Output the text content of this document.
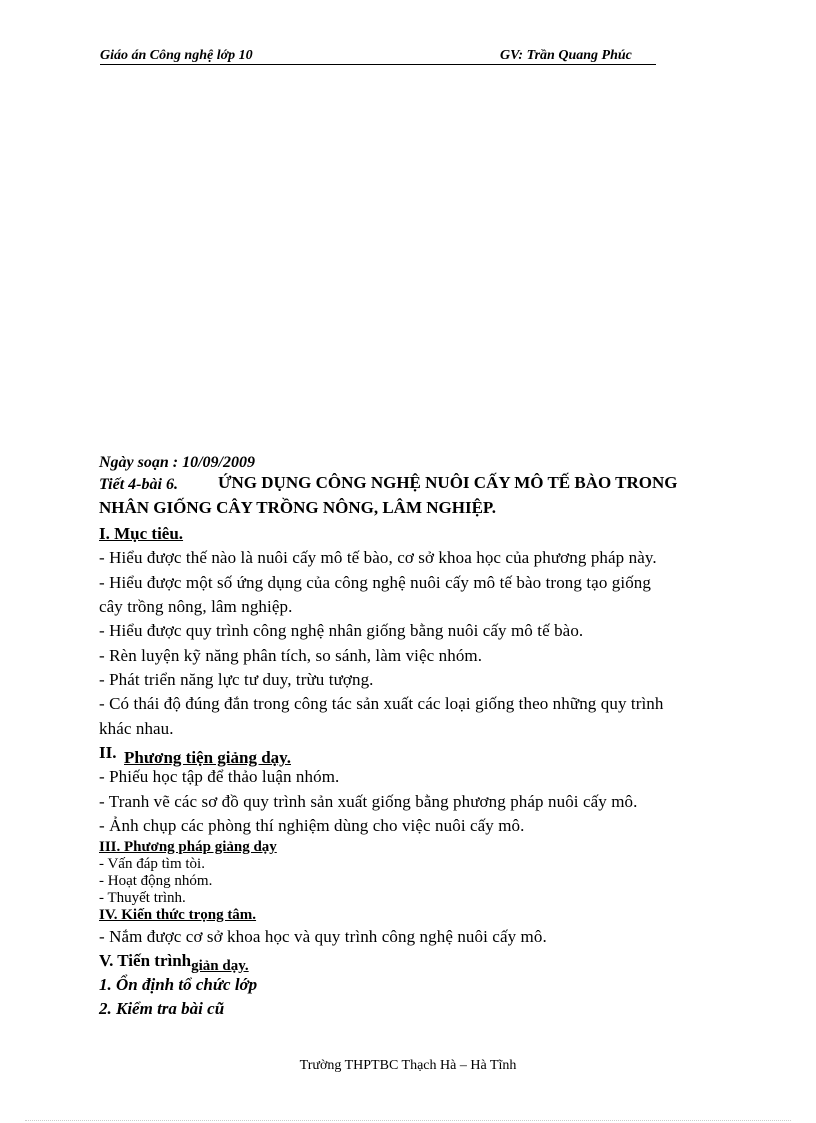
Giáo án Công nghệ lớp 10	GV: Trần Quang Phúc
Ngày soạn : 10/09/2009
Tiết 4-bài 6. ỨNG DỤNG CÔNG NGHỆ NUÔI CẤY MÔ TẾ BÀO TRONG
NHÂN GIỐNG CÂY TRỒNG NÔNG, LÂM NGHIỆP.
I. Mục tiêu.
- Hiểu được thế nào là nuôi cấy mô tế bào, cơ sở khoa học của phương pháp này.
- Hiểu được một số ứng dụng của công nghệ nuôi cấy mô tế bào trong tạo giống
cây trồng nông, lâm nghiệp.
- Hiểu được quy trình công nghệ nhân giống bằng nuôi cấy mô tế bào.
- Rèn luyện kỹ năng phân tích, so sánh, làm việc nhóm.
- Phát triển năng lực tư duy, trừu tượng.
- Có thái độ đúng đắn trong công tác sản xuất các loại giống theo những quy trình
khác nhau.
II. Phương tiện giảng dạy.
- Phiếu học tập để thảo luận nhóm.
- Tranh vẽ các sơ đồ quy trình sản xuất giống bằng phương pháp nuôi cấy mô.
- Ảnh chụp các phòng thí nghiệm dùng cho việc nuôi cấy mô.
III. Phương pháp giảng dạy
- Vấn đáp tìm tòi.
- Hoạt động nhóm.
- Thuyết trình.
IV. Kiến thức trọng tâm.
- Nắm được cơ sở khoa học và quy trình công nghệ nuôi cấy mô.
V. Tiến trìnhgiản dạy.
1. Ổn định tổ chức lớp
2. Kiểm tra bài cũ
Trường THPTBC Thạch Hà – Hà Tĩnh
